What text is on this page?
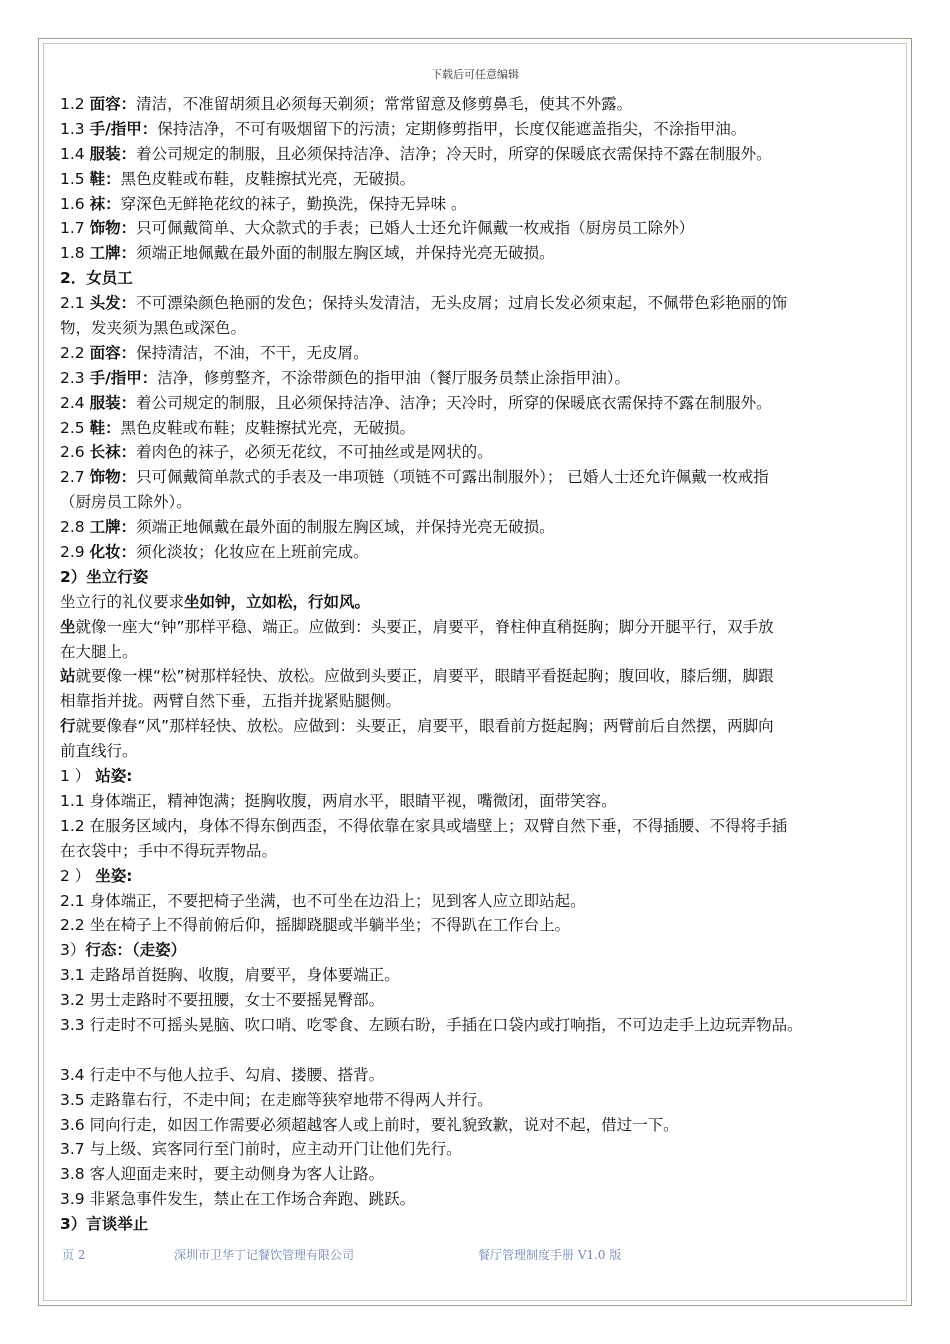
下载后可任意编辑
1.2 面容：清洁，不准留胡须且必须每天剃须；常常留意及修剪鼻毛，使其不外露。
1.3 手/指甲：保持洁净，不可有吸烟留下的污渍；定期修剪指甲，长度仅能遮盖指尖，不涂指甲油。
1.4 服装：着公司规定的制服，且必须保持洁净、洁净；冷天时，所穿的保暖底衣需保持不露在制服外。
1.5 鞋：黑色皮鞋或布鞋，皮鞋擦拭光亮，无破损。
1.6 袜：穿深色无鲜艳花纹的袜子，勤换洗，保持无异味 。
1.7 饰物：只可佩戴简单、大众款式的手表；已婚人士还允许佩戴一枚戒指（厨房员工除外）
1.8 工牌：须端正地佩戴在最外面的制服左胸区域，并保持光亮无破损。
2．女员工
2.1 头发：不可漂染颜色艳丽的发色；保持头发清洁，无头皮屑；过肩长发必须束起，不佩带色彩艳丽的饰
物，发夹须为黑色或深色。
2.2 面容：保持清洁，不油，不干，无皮屑。
2.3 手/指甲：洁净，修剪整齐，不涂带颜色的指甲油（餐厅服务员禁止涂指甲油）。
2.4 服装：着公司规定的制服，且必须保持洁净、洁净；天冷时，所穿的保暖底衣需保持不露在制服外。
2.5 鞋：黑色皮鞋或布鞋；皮鞋擦拭光亮，无破损。
2.6 长袜：着肉色的袜子，必须无花纹，不可抽丝或是网状的。
2.7 饰物：只可佩戴简单款式的手表及一串项链（项链不可露出制服外）； 已婚人士还允许佩戴一枚戒指
（厨房员工除外）。
2.8 工牌：须端正地佩戴在最外面的制服左胸区域，并保持光亮无破损。
2.9 化妆：须化淡妆；化妆应在上班前完成。
2）坐立行姿
坐立行的礼仪要求坐如钟，立如松，行如风。
坐就像一座大“钟”那样平稳、端正。应做到：头要正，肩要平，脊柱伸直稍挺胸；脚分开腿平行，双手放
在大腿上。
站就要像一棵“松”树那样轻快、放松。应做到头要正，肩要平，眼睛平看挺起胸；腹回收，膝后绷，脚跟
相靠指并拢。两臂自然下垂，五指并拢紧贴腿侧。
行就要像春“风”那样轻快、放松。应做到：头要正，肩要平，眼看前方挺起胸；两臂前后自然摆，两脚向
前直线行。
1 ） 站姿:
1.1 身体端正，精神饱满；挺胸收腹，两肩水平，眼睛平视，嘴微闭，面带笑容。
1.2 在服务区域内，身体不得东倒西歪，不得依靠在家具或墙壁上；双臂自然下垂，不得插腰、不得将手插
在衣袋中；手中不得玩弄物品。
2 ） 坐姿:
2.1 身体端正，不要把椅子坐满，也不可坐在边沿上；见到客人应立即站起。
2.2 坐在椅子上不得前俯后仰，摇脚跷腿或半躺半坐；不得趴在工作台上。
3）行态：（走姿）
3.1 走路昂首挺胸、收腹，肩要平，身体要端正。
3.2 男士走路时不要扭腰，女士不要摇晃臀部。
3.3 行走时不可摇头晃脑、吹口哨、吃零食、左顾右盼，手插在口袋内或打响指，不可边走手上边玩弄物品。
3.4 行走中不与他人拉手、勾肩、搂腰、搭背。
3.5 走路靠右行，不走中间；在走廊等狭窄地带不得两人并行。
3.6 同向行走，如因工作需要必须超越客人或上前时，要礼貌致歉，说对不起，借过一下。
3.7 与上级、宾客同行至门前时，应主动开门让他们先行。
3.8 客人迎面走来时，要主动侧身为客人让路。
3.9 非紧急事件发生，禁止在工作场合奔跑、跳跃。
3）言谈举止
页 2	深圳市卫华丁记餐饮管理有限公司	餐厅管理制度手册 V1.0 版
